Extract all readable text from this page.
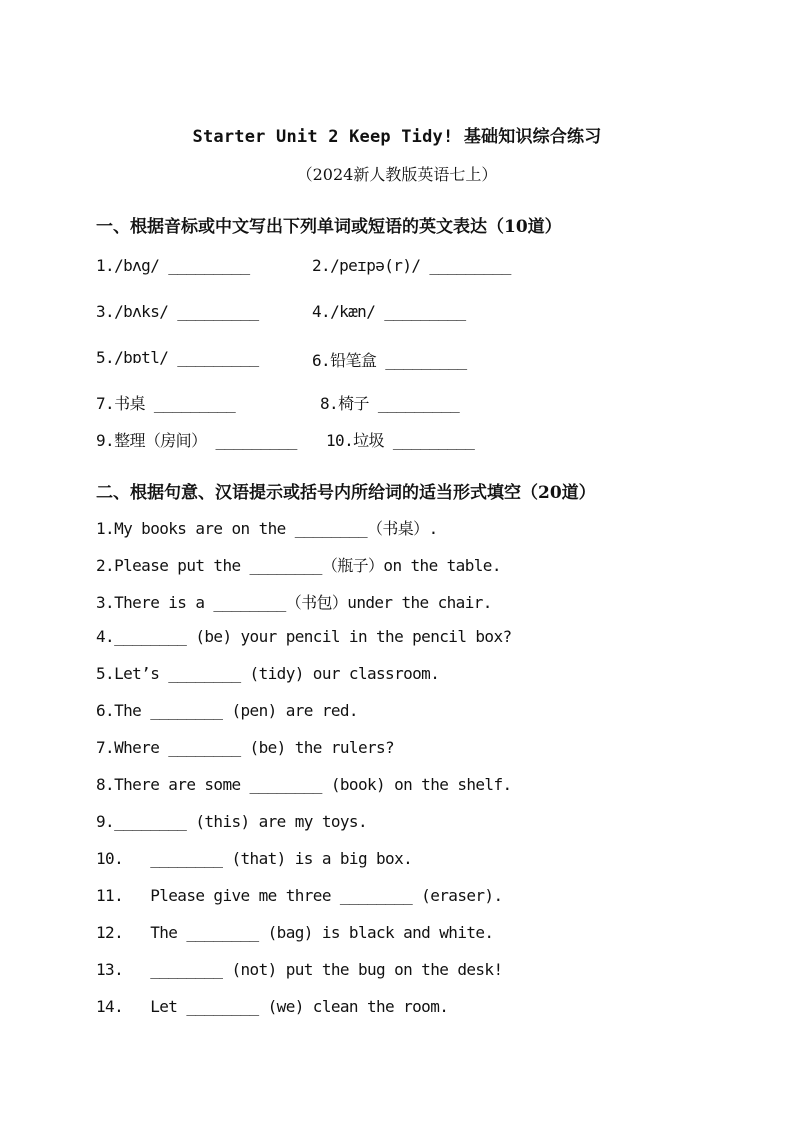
Starter Unit 2 Keep Tidy! 基础知识综合练习
（2024新人教版英语七上）
一、根据音标或中文写出下列单词或短语的英文表达（10道）
1./bʌg/ _________	2./peɪpə(r)/ _________
3./bʌks/ _________	4./kæn/ _________
5./bɒtl/ _________	6.铅笔盒 _________
7.书桌 _________	8.椅子 _________
9.整理（房间） _________ 10.垃圾 _________
二、根据句意、汉语提示或括号内所给词的适当形式填空（20道）
1.My books are on the ________（书桌）.
2.Please put the ________（瓶子）on the table.
3.There is a ________（书包）under the chair.
4.________ (be) your pencil in the pencil box?
5.Let’s ________ (tidy) our classroom.
6.The ________ (pen) are red.
7.Where ________ (be) the rulers?
8.There are some ________ (book) on the shelf.
9.________ (this) are my toys.
10.   ________ (that) is a big box.
11.   Please give me three ________ (eraser).
12.   The ________ (bag) is black and white.
13.   ________ (not) put the bug on the desk!
14.   Let ________ (we) clean the room.
